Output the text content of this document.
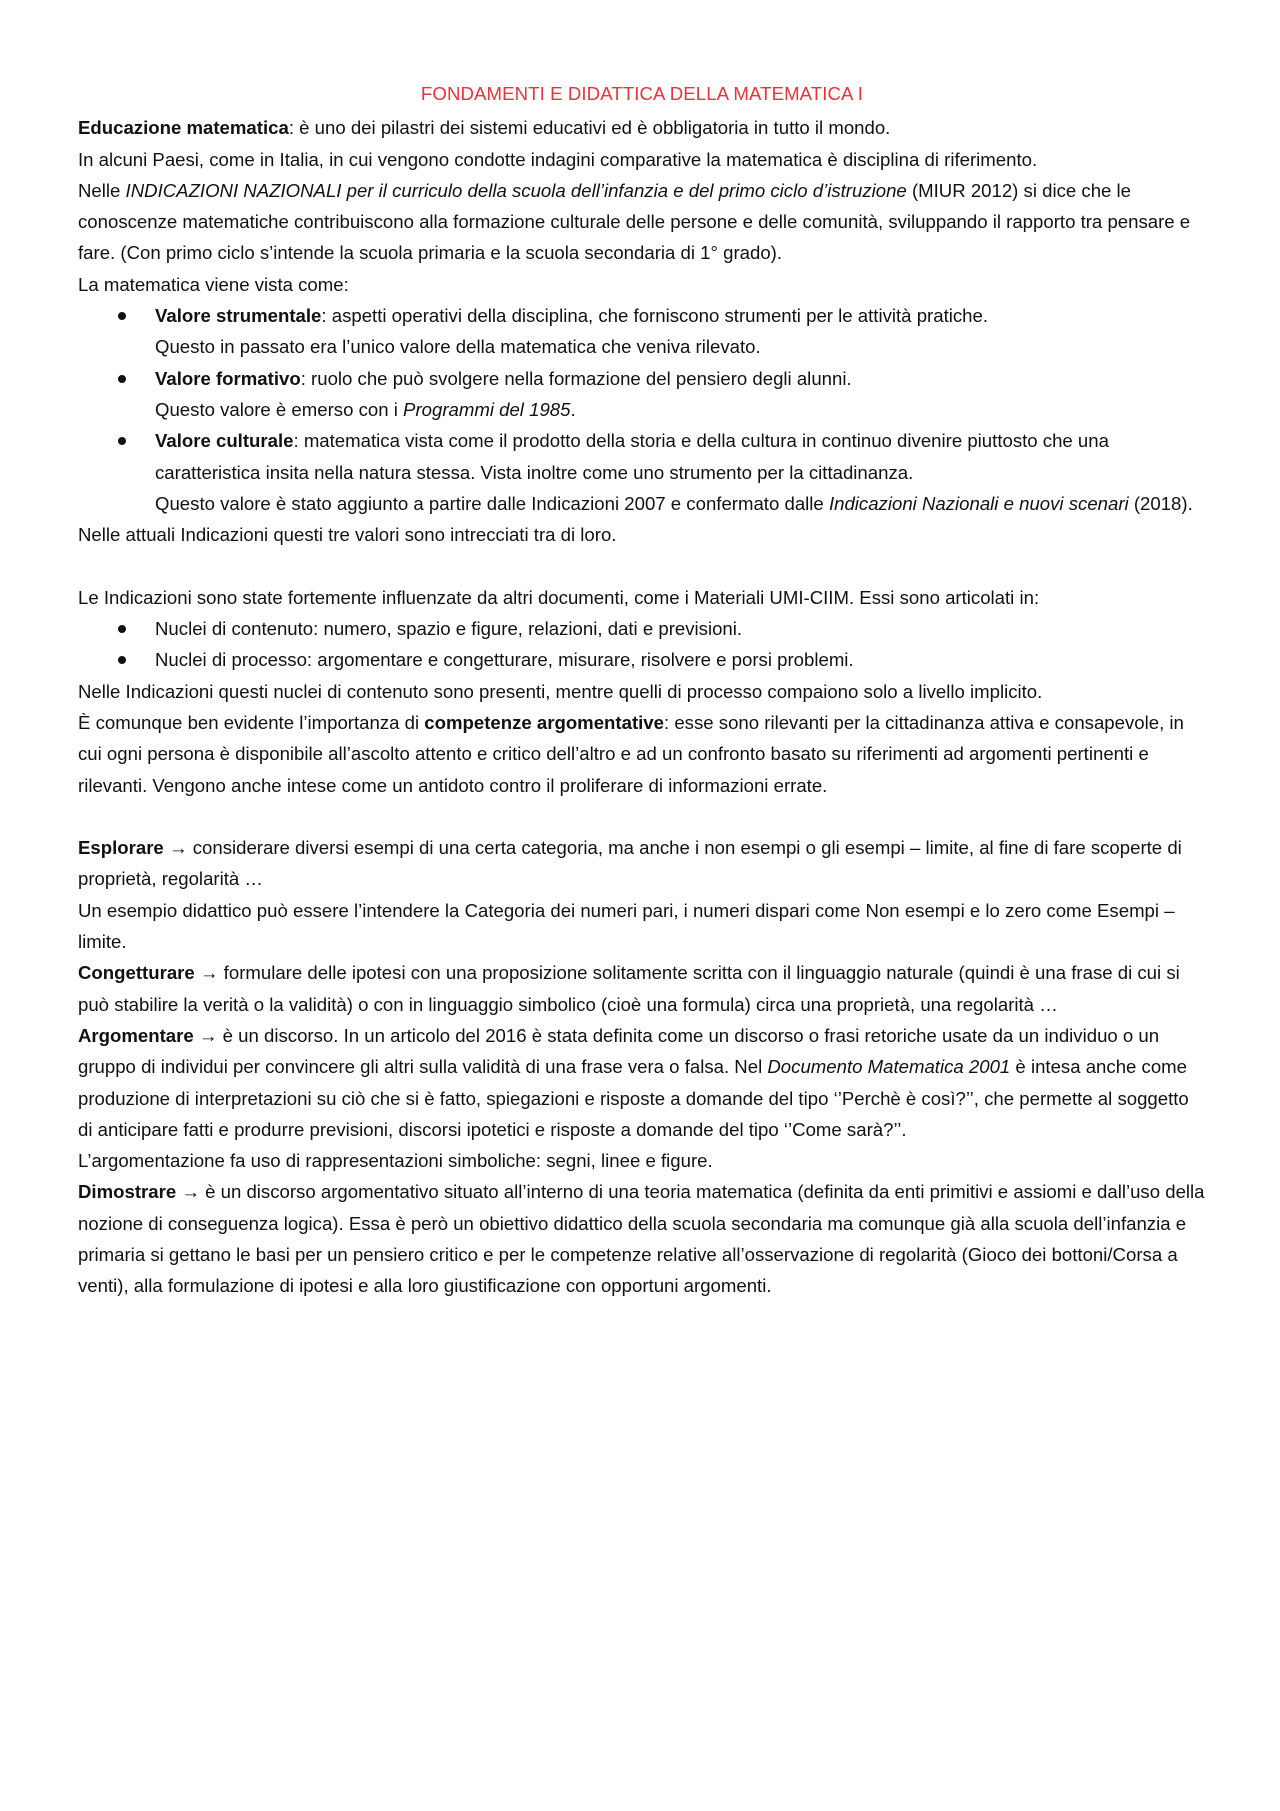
FONDAMENTI E DIDATTICA DELLA MATEMATICA I

Educazione matematica: è uno dei pilastri dei sistemi educativi ed è obbligatoria in tutto il mondo.

In alcuni Paesi, come in Italia, in cui vengono condotte indagini comparative la matematica è disciplina di riferimento.

Nelle INDICAZIONI NAZIONALI per il curriculo della scuola dell’infanzia e del primo ciclo d’istruzione (MIUR 2012) si dice che le conoscenze matematiche contribuiscono alla formazione culturale delle persone e delle comunità, sviluppando il rapporto tra pensare e fare. (Con primo ciclo s’intende la scuola primaria e la scuola secondaria di 1° grado).

La matematica viene vista come:

Valore strumentale: aspetti operativi della disciplina, che forniscono strumenti per le attività pratiche.
Questo in passato era l’unico valore della matematica che veniva rilevato.
Valore formativo: ruolo che può svolgere nella formazione del pensiero degli alunni.
Questo valore è emerso con i Programmi del 1985.
Valore culturale: matematica vista come il prodotto della storia e della cultura in continuo divenire piuttosto che una caratteristica insita nella natura stessa. Vista inoltre come uno strumento per la cittadinanza.
Questo valore è stato aggiunto a partire dalle Indicazioni 2007 e confermato dalle Indicazioni Nazionali e nuovi scenari (2018).

Nelle attuali Indicazioni questi tre valori sono intrecciati tra di loro.

Le Indicazioni sono state fortemente influenzate da altri documenti, come i Materiali UMI-CIIM. Essi sono articolati in:

Nuclei di contenuto: numero, spazio e figure, relazioni, dati e previsioni.
Nuclei di processo: argomentare e congetturare, misurare, risolvere e porsi problemi.

Nelle Indicazioni questi nuclei di contenuto sono presenti, mentre quelli di processo compaiono solo a livello implicito.

È comunque ben evidente l’importanza di competenze argomentative: esse sono rilevanti per la cittadinanza attiva e consapevole, in cui ogni persona è disponibile all’ascolto attento e critico dell’altro e ad un confronto basato su riferimenti ad argomenti pertinenti e rilevanti. Vengono anche intese come un antidoto contro il proliferare di informazioni errate.

Esplorare → considerare diversi esempi di una certa categoria, ma anche i non esempi o gli esempi – limite, al fine di fare scoperte di proprietà, regolarità …

Un esempio didattico può essere l’intendere la Categoria dei numeri pari, i numeri dispari come Non esempi e lo zero come Esempi – limite.

Congetturare → formulare delle ipotesi con una proposizione solitamente scritta con il linguaggio naturale (quindi è una frase di cui si può stabilire la verità o la validità) o con in linguaggio simbolico (cioè una formula) circa una proprietà, una regolarità …

Argomentare → è un discorso. In un articolo del 2016 è stata definita come un discorso o frasi retoriche usate da un individuo o un gruppo di individui per convincere gli altri sulla validità di una frase vera o falsa. Nel Documento Matematica 2001 è intesa anche come produzione di interpretazioni su ciò che si è fatto, spiegazioni e risposte a domande del tipo ‘’Perchè è così?’’, che permette al soggetto di anticipare fatti e produrre previsioni, discorsi ipotetici e risposte a domande del tipo ‘’Come sarà?’’.

L’argomentazione fa uso di rappresentazioni simboliche: segni, linee e figure.

Dimostrare → è un discorso argomentativo situato all’interno di una teoria matematica (definita da enti primitivi e assiomi e dall’uso della nozione di conseguenza logica). Essa è però un obiettivo didattico della scuola secondaria ma comunque già alla scuola dell’infanzia e primaria si gettano le basi per un pensiero critico e per le competenze relative all’osservazione di regolarità (Gioco dei bottoni/Corsa a venti), alla formulazione di ipotesi e alla loro giustificazione con opportuni argomenti.
